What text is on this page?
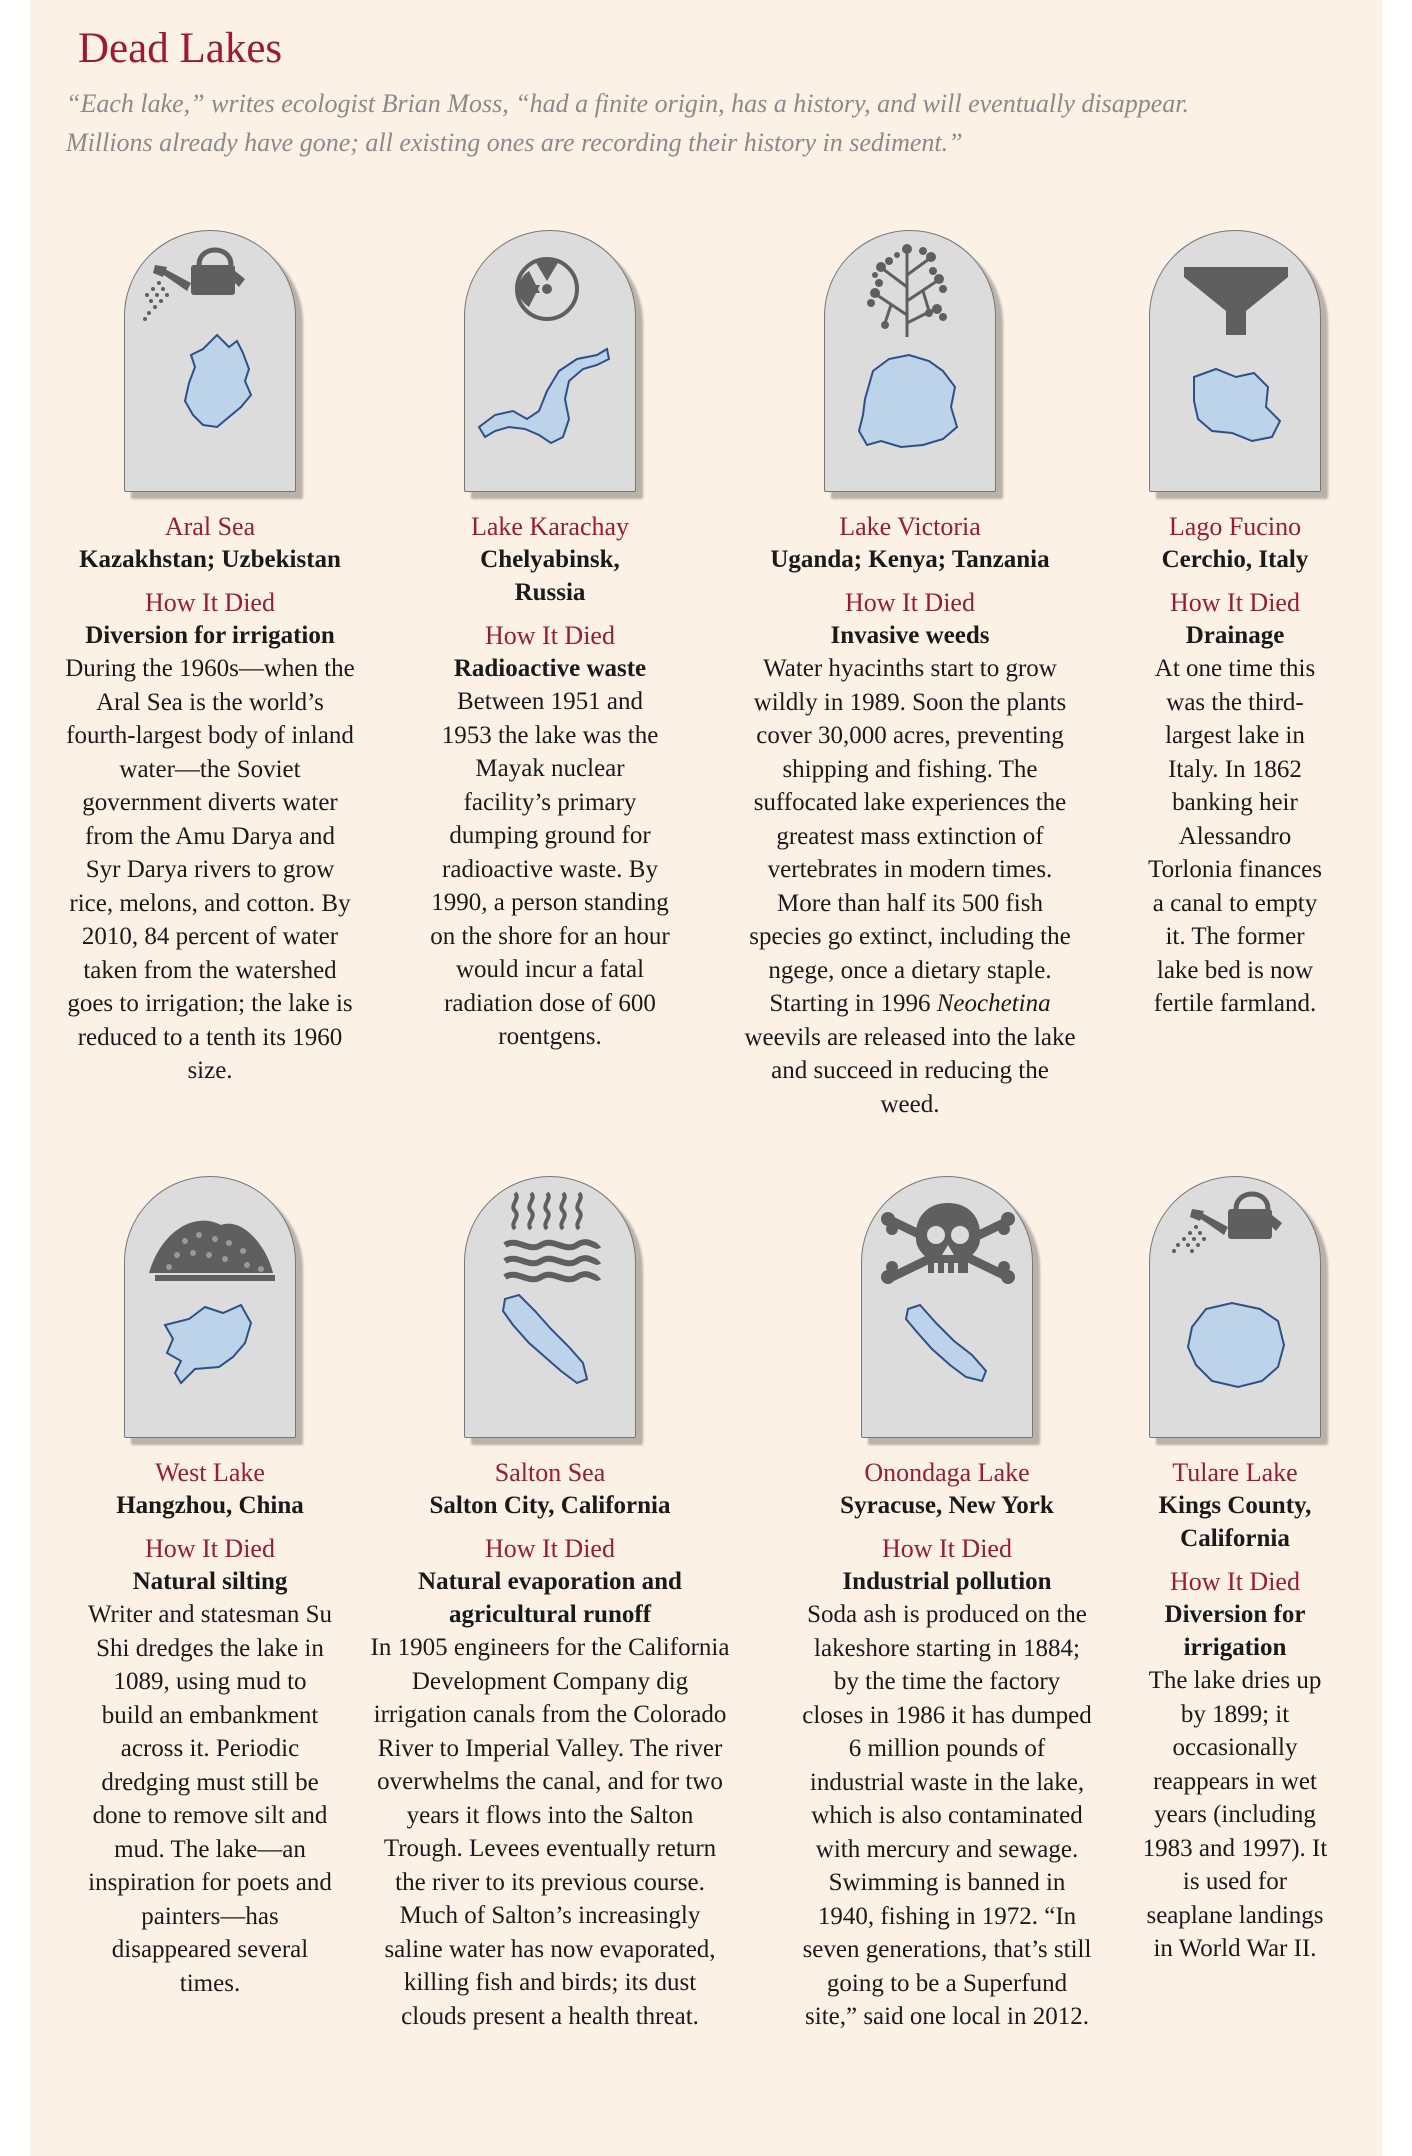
Dead Lakes

“Each lake,” writes ecologist Brian Moss, “had a finite origin, has a history, and will eventually disappear. Millions already have gone; all existing ones are recording their history in sediment.”

Aral Sea
Kazakhstan; Uzbekistan
How It Died
Diversion for irrigation
During the 1960s—when the Aral Sea is the world’s fourth-largest body of inland water—the Soviet government diverts water from the Amu Darya and Syr Darya rivers to grow rice, melons, and cotton. By 2010, 84 percent of water taken from the watershed goes to irrigation; the lake is reduced to a tenth its 1960 size.
Lake Karachay
Chelyabinsk, Russia
How It Died
Radioactive waste
Between 1951 and 1953 the lake was the Mayak nuclear facility’s primary dumping ground for radioactive waste. By 1990, a person standing on the shore for an hour would incur a fatal radiation dose of 600 roentgens.
Lake Victoria
Uganda; Kenya; Tanzania
How It Died
Invasive weeds
Water hyacinths start to grow wildly in 1989. Soon the plants cover 30,000 acres, preventing shipping and fishing. The suffocated lake experiences the greatest mass extinction of vertebrates in modern times. More than half its 500 fish species go extinct, including the ngege, once a dietary staple. Starting in 1996 Neochetina weevils are released into the lake and succeed in reducing the weed.
Lago Fucino
Cerchio, Italy
How It Died
Drainage
At one time this was the third-largest lake in Italy. In 1862 banking heir Alessandro Torlonia finances a canal to empty it. The former lake bed is now fertile farmland.
West Lake
Hangzhou, China
How It Died
Natural silting
Writer and statesman Su Shi dredges the lake in 1089, using mud to build an embankment across it. Periodic dredging must still be done to remove silt and mud. The lake—an inspiration for poets and painters—has disappeared several times.
Salton Sea
Salton City, California
How It Died
Natural evaporation and agricultural runoff
In 1905 engineers for the California Development Company dig irrigation canals from the Colorado River to Imperial Valley. The river overwhelms the canal, and for two years it flows into the Salton Trough. Levees eventually return the river to its previous course. Much of Salton’s increasingly saline water has now evaporated, killing fish and birds; its dust clouds present a health threat.
Onondaga Lake
Syracuse, New York
How It Died
Industrial pollution
Soda ash is produced on the lakeshore starting in 1884; by the time the factory closes in 1986 it has dumped 6 million pounds of industrial waste in the lake, which is also contaminated with mercury and sewage. Swimming is banned in 1940, fishing in 1972. “In seven generations, that’s still going to be a Superfund site,” said one local in 2012.
Tulare Lake
Kings County, California
How It Died
Diversion for irrigation
The lake dries up by 1899; it occasionally reappears in wet years (including 1983 and 1997). It is used for seaplane landings in World War II.
